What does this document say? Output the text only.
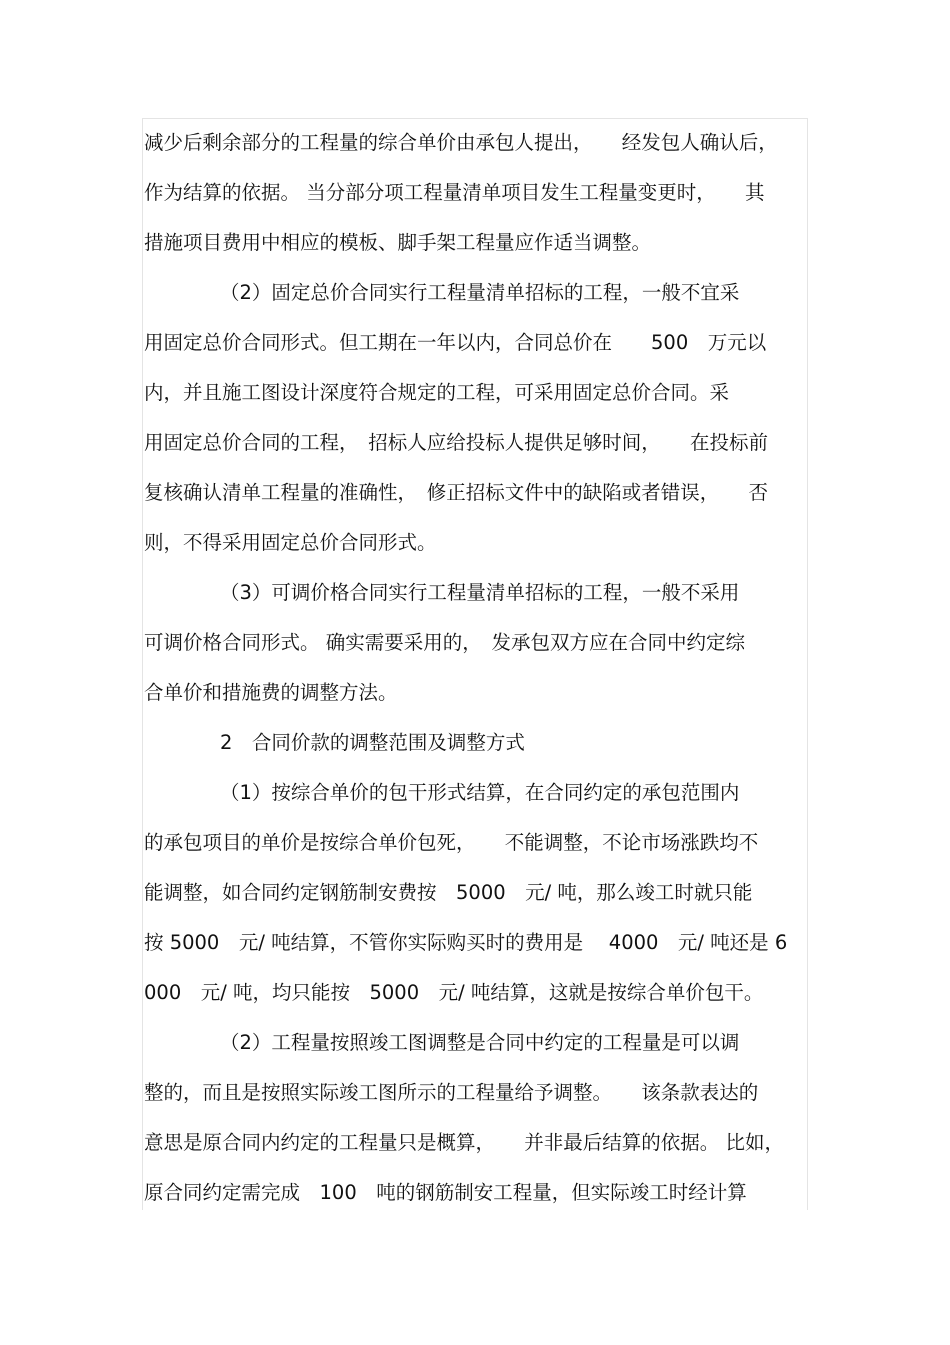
减少后剩余部分的工程量的综合单价由承包人提出，　　经发包人确认后，
作为结算的依据。 当分部分项工程量清单项目发生工程量变更时，　　其
措施项目费用中相应的模板、脚手架工程量应作适当调整。
（2）固定总价合同实行工程量清单招标的工程，一般不宜采
用固定总价合同形式。但工期在一年以内，合同总价在　　500　万元以
内，并且施工图设计深度符合规定的工程，可采用固定总价合同。采
用固定总价合同的工程，　招标人应给投标人提供足够时间，　　在投标前
复核确认清单工程量的准确性，　修正招标文件中的缺陷或者错误，　　否
则，不得采用固定总价合同形式。
（3）可调价格合同实行工程量清单招标的工程，一般不采用
可调价格合同形式。 确实需要采用的，　发承包双方应在合同中约定综
合单价和措施费的调整方法。
2　合同价款的调整范围及调整方式
（1）按综合单价的包干形式结算，在合同约定的承包范围内
的承包项目的单价是按综合单价包死，　　不能调整，不论市场涨跌均不
能调整，如合同约定钢筋制安费按　5000　元/ 吨，那么竣工时就只能
按 5000　元/ 吨结算，不管你实际购买时的费用是　 4000　元/ 吨还是 6
000　元/ 吨，均只能按　5000　元/ 吨结算，这就是按综合单价包干。
（2）工程量按照竣工图调整是合同中约定的工程量是可以调
整的，而且是按照实际竣工图所示的工程量给予调整。　　该条款表达的
意思是原合同内约定的工程量只是概算，　　并非最后结算的依据。 比如，
原合同约定需完成　100　吨的钢筋制安工程量，但实际竣工时经计算
